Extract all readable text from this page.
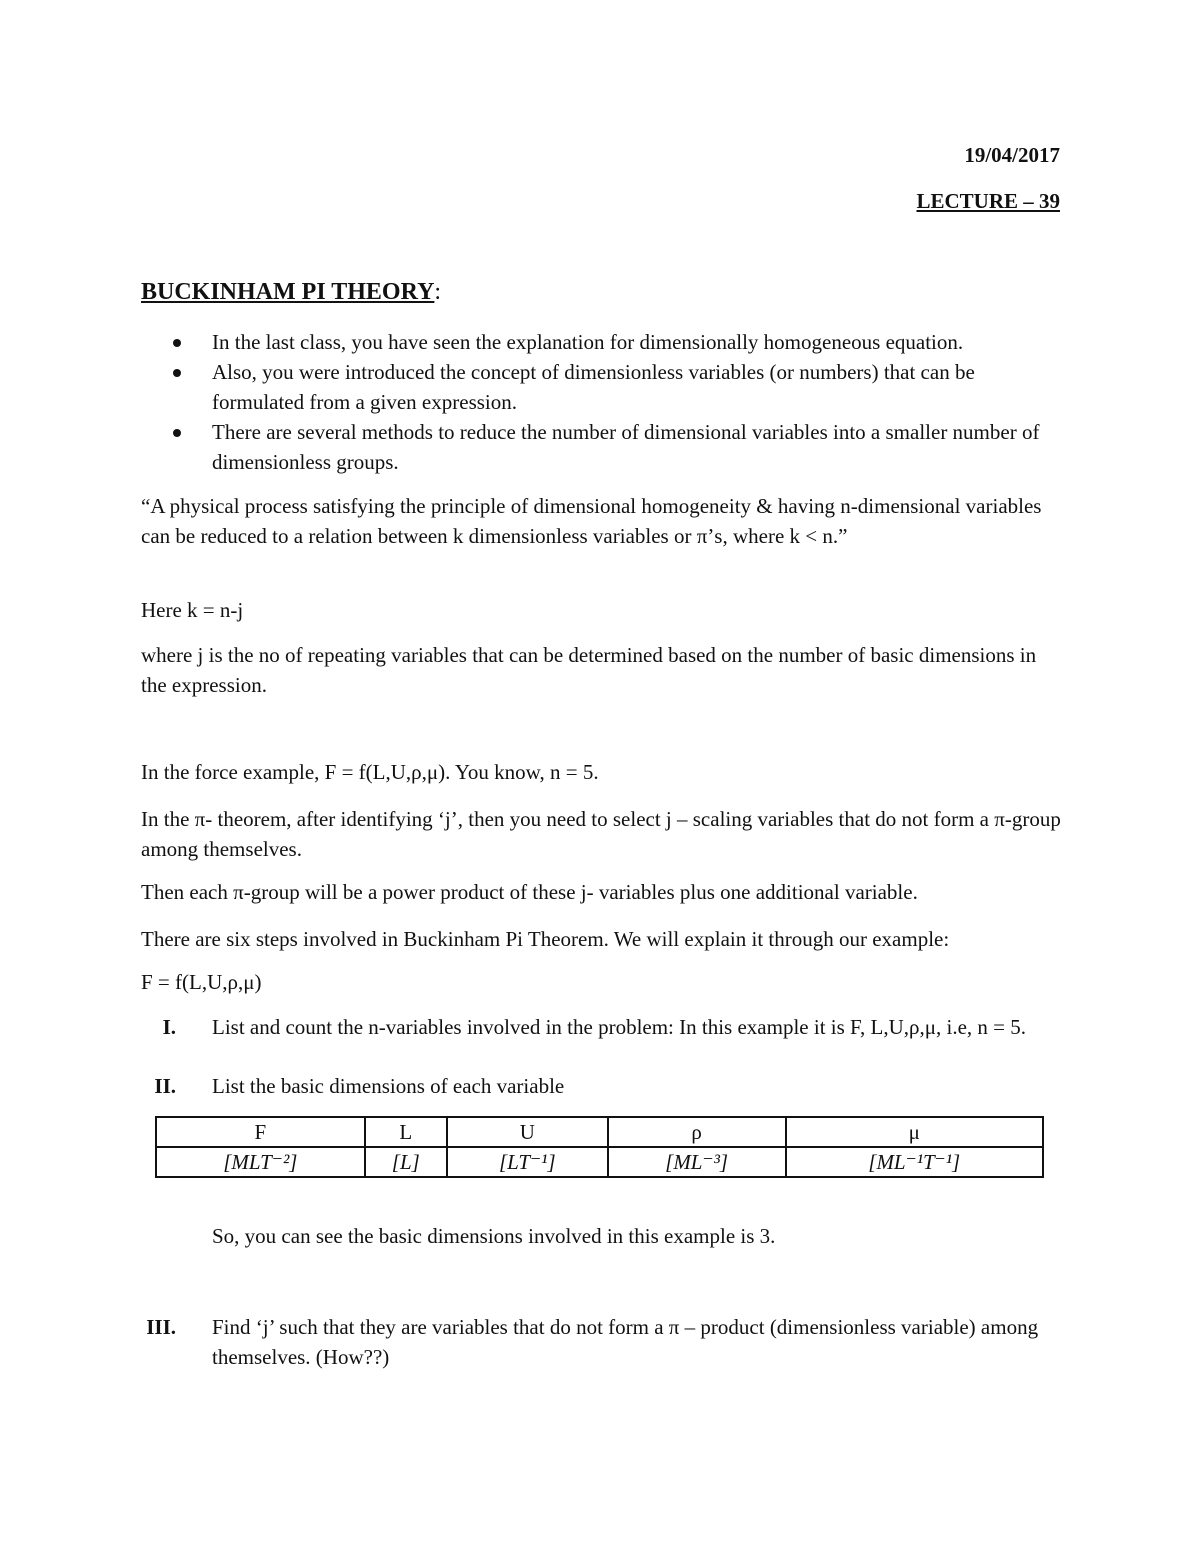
19/04/2017
LECTURE – 39
BUCKINHAM PI THEORY:
In the last class, you have seen the explanation for dimensionally homogeneous equation.
Also, you were introduced the concept of dimensionless variables (or numbers) that can be formulated from a given expression.
There are several methods to reduce the number of dimensional variables into a smaller number of dimensionless groups.
“A physical process satisfying the principle of dimensional homogeneity & having n-dimensional variables can be reduced to a relation between k dimensionless variables or π’s, where k < n.”
Here k = n-j
where j is the no of repeating variables that can be determined based on the number of basic dimensions in the expression.
In the force example, F = f(L,U,ρ,μ). You know, n = 5.
In the π- theorem, after identifying ‘j’, then you need to select j – scaling variables that do not form a π-group among themselves.
Then each π-group will be a power product of these j- variables plus one additional variable.
There are six steps involved in Buckinham Pi Theorem. We will explain it through our example:
F = f(L,U,ρ,μ)
I. List and count the n-variables involved in the problem: In this example it is F, L,U,ρ,μ, i.e, n = 5.
II. List the basic dimensions of each variable
F	L	U	ρ	μ
[MLT⁻²]	[L]	[LT⁻¹]	[ML⁻³]	[ML⁻¹T⁻¹]
So, you can see the basic dimensions involved in this example is 3.
III. Find ‘j’ such that they are variables that do not form a π – product (dimensionless variable) among themselves. (How??)
